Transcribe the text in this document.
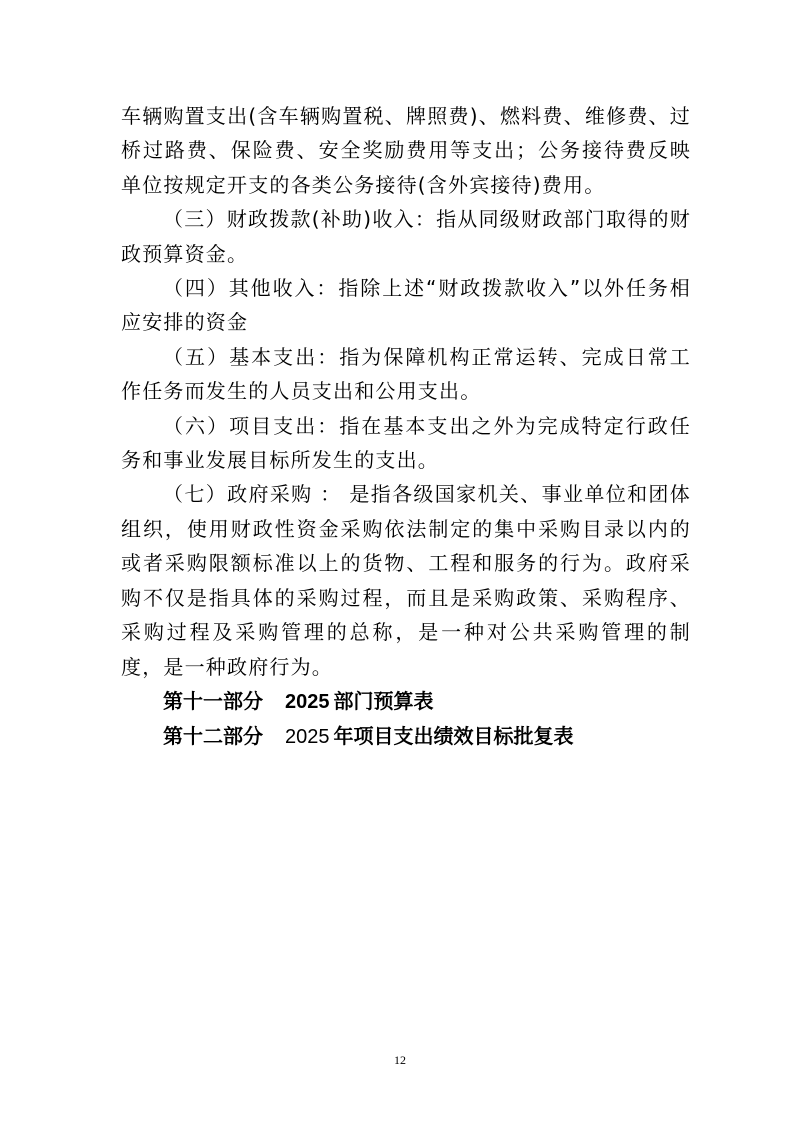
车辆购置支出(含车辆购置税、牌照费)、燃料费、维修费、过桥过路费、保险费、安全奖励费用等支出；公务接待费反映单位按规定开支的各类公务接待(含外宾接待)费用。

（三）财政拨款(补助)收入：指从同级财政部门取得的财政预算资金。

（四）其他收入：指除上述“财政拨款收入”以外任务相应安排的资金

（五）基本支出：指为保障机构正常运转、完成日常工作任务而发生的人员支出和公用支出。

（六）项目支出：指在基本支出之外为完成特定行政任务和事业发展目标所发生的支出。

（七）政府采购 ： 是指各级国家机关、事业单位和团体组织，使用财政性资金采购依法制定的集中采购目录以内的或者采购限额标准以上的货物、工程和服务的行为。政府采购不仅是指具体的采购过程，而且是采购政策、采购程序、采购过程及采购管理的总称，是一种对公共采购管理的制度，是一种政府行为。

第十一部分 2025 部门预算表
第十二部分 2025 年项目支出绩效目标批复表
12
